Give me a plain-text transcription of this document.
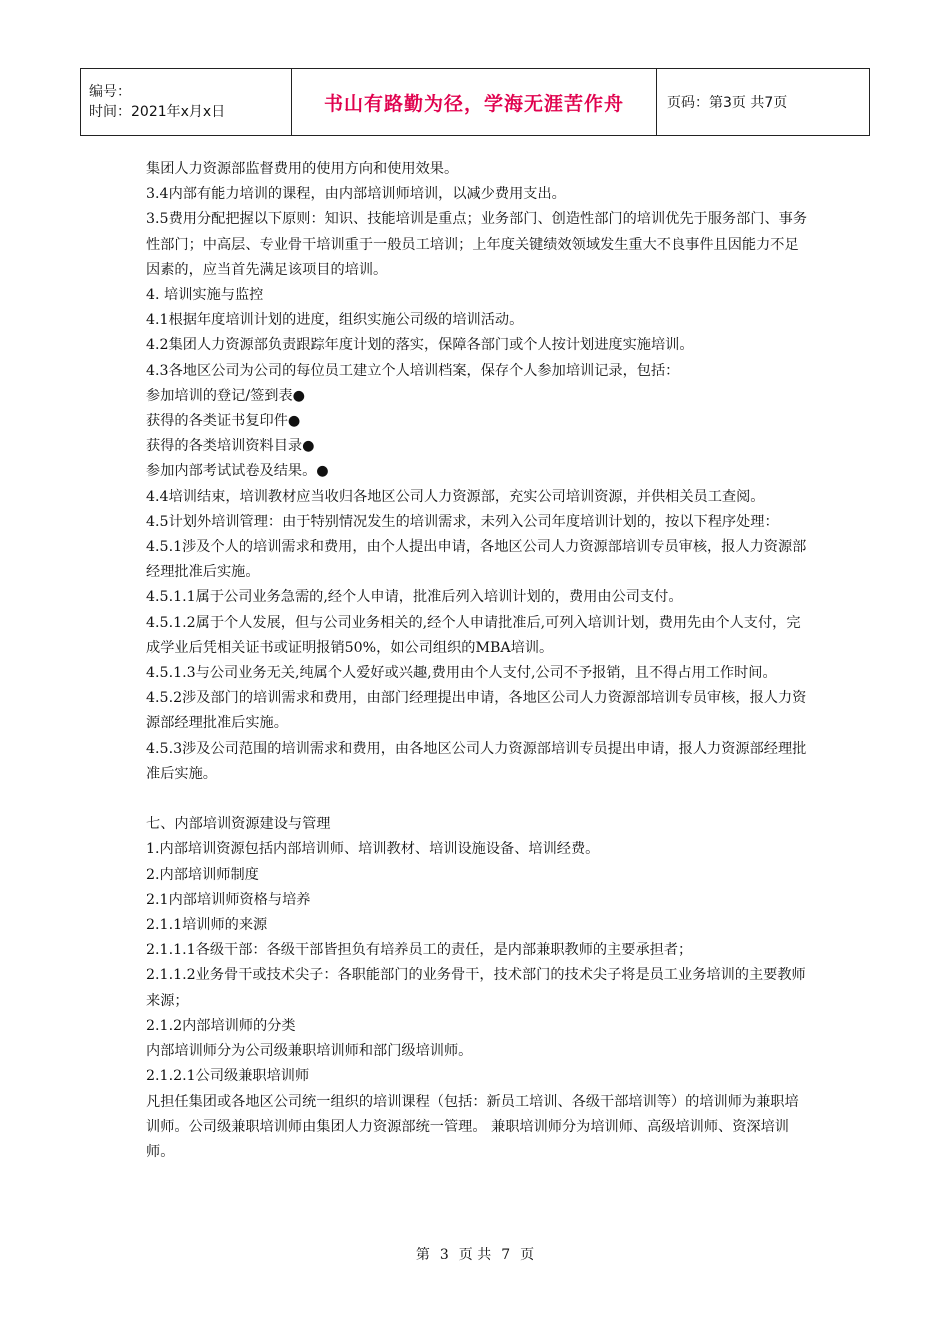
编号：
时间：2021年x月x日	书山有路勤为径，学海无涯苦作舟	页码：第3页 共7页

集团人力资源部监督费用的使用方向和使用效果。

3.4内部有能力培训的课程，由内部培训师培训，以减少费用支出。

3.5费用分配把握以下原则：知识、技能培训是重点；业务部门、创造性部门的培训优先于服务部门、事务性部门；中高层、专业骨干培训重于一般员工培训；上年度关键绩效领域发生重大不良事件且因能力不足因素的，应当首先满足该项目的培训。

4. 培训实施与监控

4.1根据年度培训计划的进度，组织实施公司级的培训活动。

4.2集团人力资源部负责跟踪年度计划的落实，保障各部门或个人按计划进度实施培训。

4.3各地区公司为公司的每位员工建立个人培训档案，保存个人参加培训记录，包括：

参加培训的登记/签到表●

获得的各类证书复印件●

获得的各类培训资料目录●

参加内部考试试卷及结果。●

4.4培训结束，培训教材应当收归各地区公司人力资源部，充实公司培训资源，并供相关员工查阅。

4.5计划外培训管理：由于特别情况发生的培训需求，未列入公司年度培训计划的，按以下程序处理：

4.5.1涉及个人的培训需求和费用，由个人提出申请，各地区公司人力资源部培训专员审核，报人力资源部经理批准后实施。

4.5.1.1属于公司业务急需的,经个人申请，批准后列入培训计划的，费用由公司支付。

4.5.1.2属于个人发展，但与公司业务相关的,经个人申请批准后,可列入培训计划，费用先由个人支付，完成学业后凭相关证书或证明报销50%，如公司组织的MBA培训。

4.5.1.3与公司业务无关,纯属个人爱好或兴趣,费用由个人支付,公司不予报销，且不得占用工作时间。

4.5.2涉及部门的培训需求和费用，由部门经理提出申请，各地区公司人力资源部培训专员审核，报人力资源部经理批准后实施。

4.5.3涉及公司范围的培训需求和费用，由各地区公司人力资源部培训专员提出申请，报人力资源部经理批准后实施。

七、内部培训资源建设与管理

1.内部培训资源包括内部培训师、培训教材、培训设施设备、培训经费。

2.内部培训师制度

2.1内部培训师资格与培养

2.1.1培训师的来源

2.1.1.1各级干部：各级干部皆担负有培养员工的责任，是内部兼职教师的主要承担者；

2.1.1.2业务骨干或技术尖子：各职能部门的业务骨干，技术部门的技术尖子将是员工业务培训的主要教师来源；

2.1.2内部培训师的分类

内部培训师分为公司级兼职培训师和部门级培训师。

2.1.2.1公司级兼职培训师

凡担任集团或各地区公司统一组织的培训课程（包括：新员工培训、各级干部培训等）的培训师为兼职培训师。公司级兼职培训师由集团人力资源部统一管理。 兼职培训师分为培训师、高级培训师、资深培训师。

第 3 页 共 7 页
